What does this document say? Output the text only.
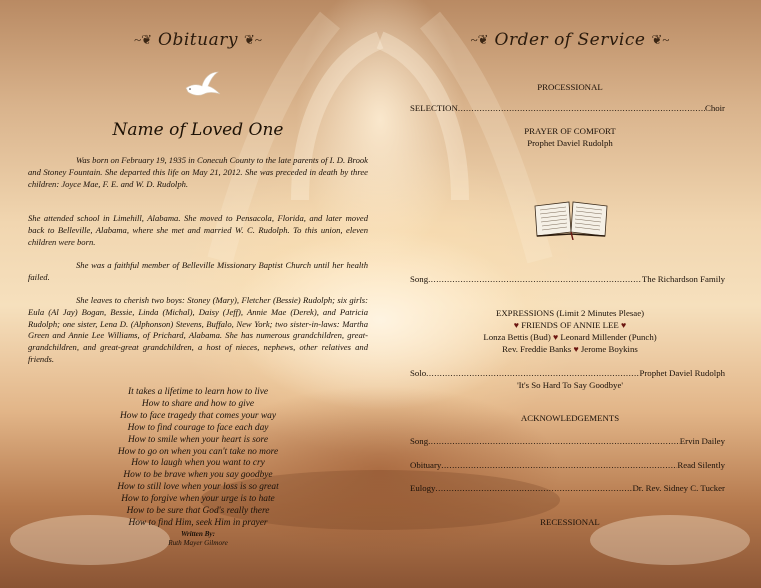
~❦ Obituary ❦~
Name of Loved One
Was born on February 19, 1935 in Conecuh County to the late parents of I. D. Brook and Stoney Fountain. She departed this life on May 21, 2012. She was preceded in death by three children: Joyce Mae, F. E. and W. D. Rudolph.
She attended school in Limehill, Alabama. She moved to Pensacola, Florida, and later moved back to Belleville, Alabama, where she met and married W. C. Rudolph. To this union, eleven children were born.
She was a faithful member of Belleville Missionary Baptist Church until her health failed.
She leaves to cherish two boys: Stoney (Mary), Fletcher (Bessie) Rudolph; six girls: Eula (Al Jay) Bogan, Bessie, Linda (Michal), Daisy (Jeff), Annie Mae (Derek), and Patricia Rudolph; one sister, Lena D. (Alphonson) Stevens, Buffalo, New York; two sister-in-laws: Martha Green and Annie Lee Williams, of Prichard, Alabama. She has numerous grandchildren, great-grandchildren, and great-great grandchildren, a host of nieces, nephews, other relatives and friends.
It takes a lifetime to learn how to live
How to share and how to give
How to face tragedy that comes your way
How to find courage to face each day
How to smile when your heart is sore
How to go on when you can't take no more
How to laugh when you want to cry
How to be brave when you say goodbye
How to still love when your loss is so great
How to forgive when your urge is to hate
How to be sure that God's really there
How to find Him, seek Him in prayer
Written By:
Ruth Mayer Gilmore
~❦ Order of Service ❦~
PROCESSIONAL
SELECTION .....	Choir
PRAYER OF COMFORT
Prophet Daviel Rudolph
Song .....	The Richardson Family
EXPRESSIONS (Limit 2 Minutes Plesae)
♥ FRIENDS OF ANNIE LEE ♥
Lonza Bettis (Bud) ♥ Leonard Millender (Punch)
Rev. Freddie Banks ♥ Jerome Boykins
Solo .....	Prophet Daviel Rudolph
'It's So Hard To Say Goodbye'
ACKNOWLEDGEMENTS
Song .....	Ervin Dailey
Obituary .....	Read Silently
Eulogy .....	Dr. Rev. Sidney C. Tucker
RECESSIONAL
